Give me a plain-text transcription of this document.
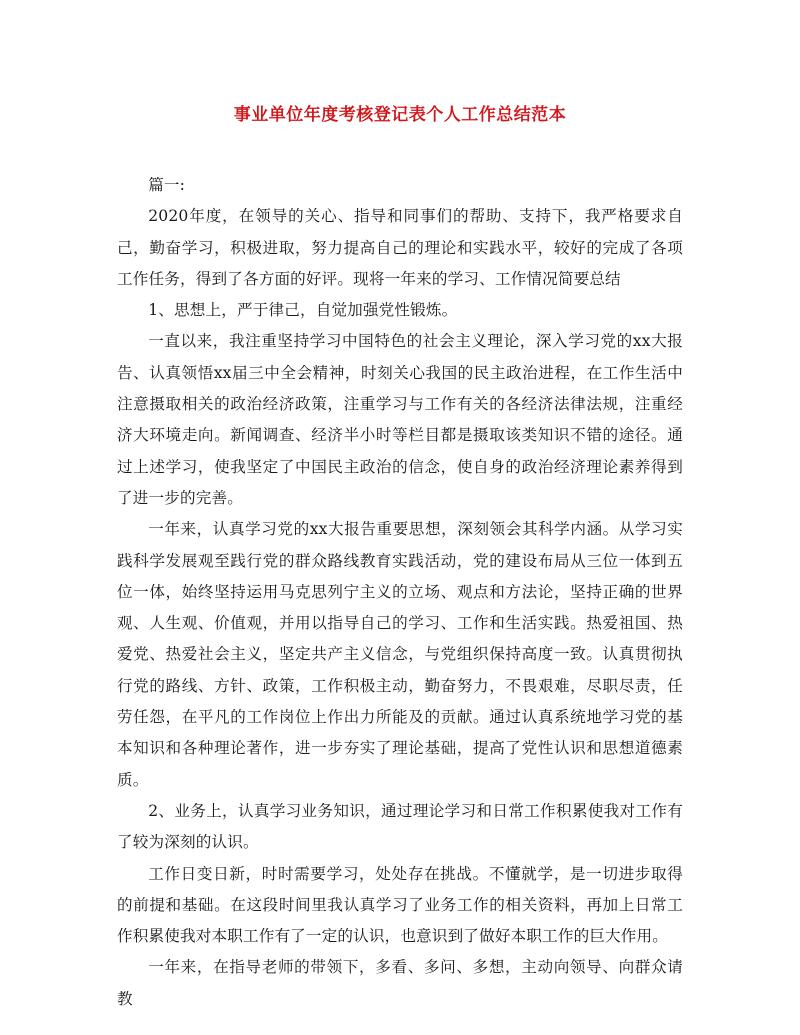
事业单位年度考核登记表个人工作总结范本

篇一:

2020年度，在领导的关心、指导和同事们的帮助、支持下，我严格要求自己，勤奋学习，积极进取，努力提高自己的理论和实践水平，较好的完成了各项工作任务，得到了各方面的好评。现将一年来的学习、工作情况简要总结

1、思想上，严于律己，自觉加强党性锻炼。

一直以来，我注重坚持学习中国特色的社会主义理论，深入学习党的xx大报告、认真领悟xx届三中全会精神，时刻关心我国的民主政治进程，在工作生活中注意摄取相关的政治经济政策，注重学习与工作有关的各经济法律法规，注重经济大环境走向。新闻调查、经济半小时等栏目都是摄取该类知识不错的途径。通过上述学习，使我坚定了中国民主政治的信念，使自身的政治经济理论素养得到了进一步的完善。

一年来，认真学习党的xx大报告重要思想，深刻领会其科学内涵。从学习实践科学发展观至践行党的群众路线教育实践活动，党的建设布局从三位一体到五位一体，始终坚持运用马克思列宁主义的立场、观点和方法论，坚持正确的世界观、人生观、价值观，并用以指导自己的学习、工作和生活实践。热爱祖国、热爱党、热爱社会主义，坚定共产主义信念，与党组织保持高度一致。认真贯彻执行党的路线、方针、政策，工作积极主动，勤奋努力，不畏艰难，尽职尽责，任劳任怨，在平凡的工作岗位上作出力所能及的贡献。通过认真系统地学习党的基本知识和各种理论著作，进一步夯实了理论基础，提高了党性认识和思想道德素质。

2、业务上，认真学习业务知识，通过理论学习和日常工作积累使我对工作有了较为深刻的认识。

工作日变日新，时时需要学习，处处存在挑战。不懂就学，是一切进步取得的前提和基础。在这段时间里我认真学习了业务工作的相关资料，再加上日常工作积累使我对本职工作有了一定的认识，也意识到了做好本职工作的巨大作用。

一年来，在指导老师的带领下，多看、多问、多想，主动向领导、向群众请教
